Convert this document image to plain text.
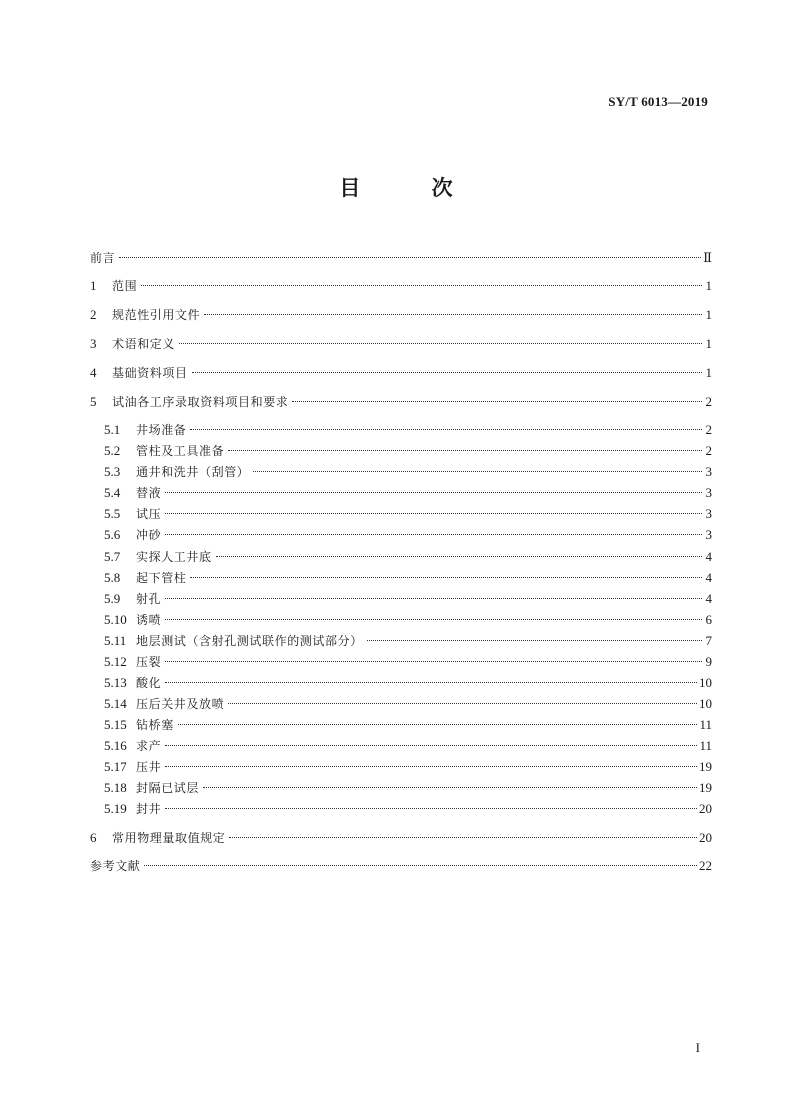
SY/T 6013—2019
目 次
前言	Ⅱ
1	范围	1
2	规范性引用文件	1
3	术语和定义	1
4	基础资料项目	1
5	试油各工序录取资料项目和要求	2
5.1	井场准备	2
5.2	管柱及工具准备	2
5.3	通井和洗井（刮管）	3
5.4	替液	3
5.5	试压	3
5.6	冲砂	3
5.7	实探人工井底	4
5.8	起下管柱	4
5.9	射孔	4
5.10 诱喷	6
5.11 地层测试（含射孔测试联作的测试部分）	7
5.12 压裂	9
5.13 酸化	10
5.14 压后关井及放喷	10
5.15 钻桥塞	11
5.16 求产	11
5.17 压井	19
5.18 封隔已试层	19
5.19 封井	20
6	常用物理量取值规定	20
参考文献	22
I
